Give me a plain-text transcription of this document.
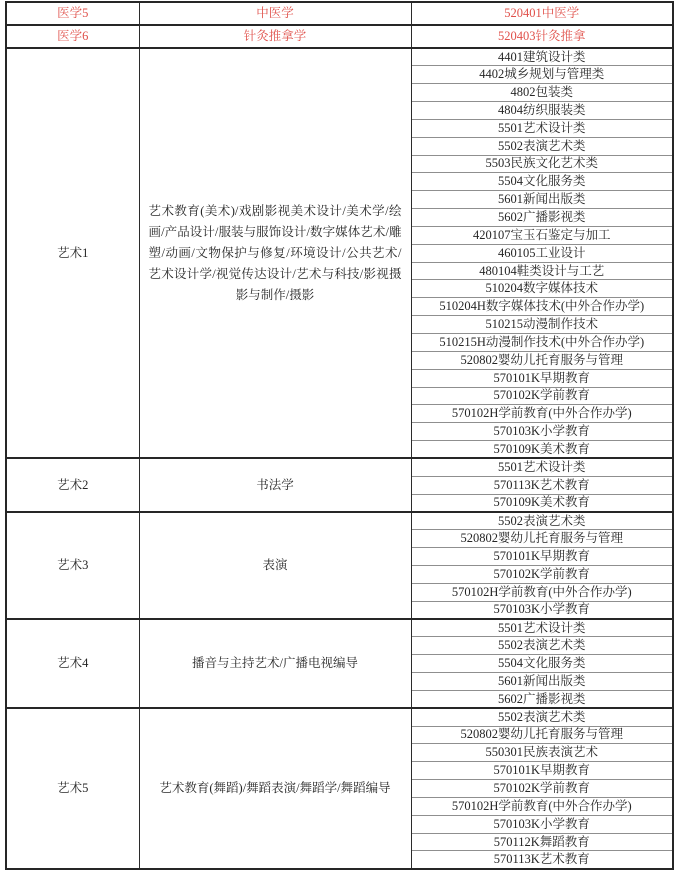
医学5	中医学	520401中医学
医学6	针灸推拿学	520403针灸推拿
艺术1	艺术教育(美术)/戏剧影视美术设计/美术学/绘画/产品设计/服装与服饰设计/数字媒体艺术/雕塑/动画/文物保护与修复/环境设计/公共艺术/艺术设计学/视觉传达设计/艺术与科技/影视摄影与制作/摄影	4401建筑设计类
		4402城乡规划与管理类
		4802包装类
		4804纺织服装类
		5501艺术设计类
		5502表演艺术类
		5503民族文化艺术类
		5504文化服务类
		5601新闻出版类
		5602广播影视类
		420107宝玉石鉴定与加工
		460105工业设计
		480104鞋类设计与工艺
		510204数字媒体技术
		510204H数字媒体技术(中外合作办学)
		510215动漫制作技术
		510215H动漫制作技术(中外合作办学)
		520802婴幼儿托育服务与管理
		570101K早期教育
		570102K学前教育
		570102H学前教育(中外合作办学)
		570103K小学教育
		570109K美术教育
艺术2	书法学	5501艺术设计类
		570113K艺术教育
		570109K美术教育
艺术3	表演	5502表演艺术类
		520802婴幼儿托育服务与管理
		570101K早期教育
		570102K学前教育
		570102H学前教育(中外合作办学)
		570103K小学教育
艺术4	播音与主持艺术/广播电视编导	5501艺术设计类
		5502表演艺术类
		5504文化服务类
		5601新闻出版类
		5602广播影视类
艺术5	艺术教育(舞蹈)/舞蹈表演/舞蹈学/舞蹈编导	5502表演艺术类
		520802婴幼儿托育服务与管理
		550301民族表演艺术
		570101K早期教育
		570102K学前教育
		570102H学前教育(中外合作办学)
		570103K小学教育
		570112K舞蹈教育
		570113K艺术教育
